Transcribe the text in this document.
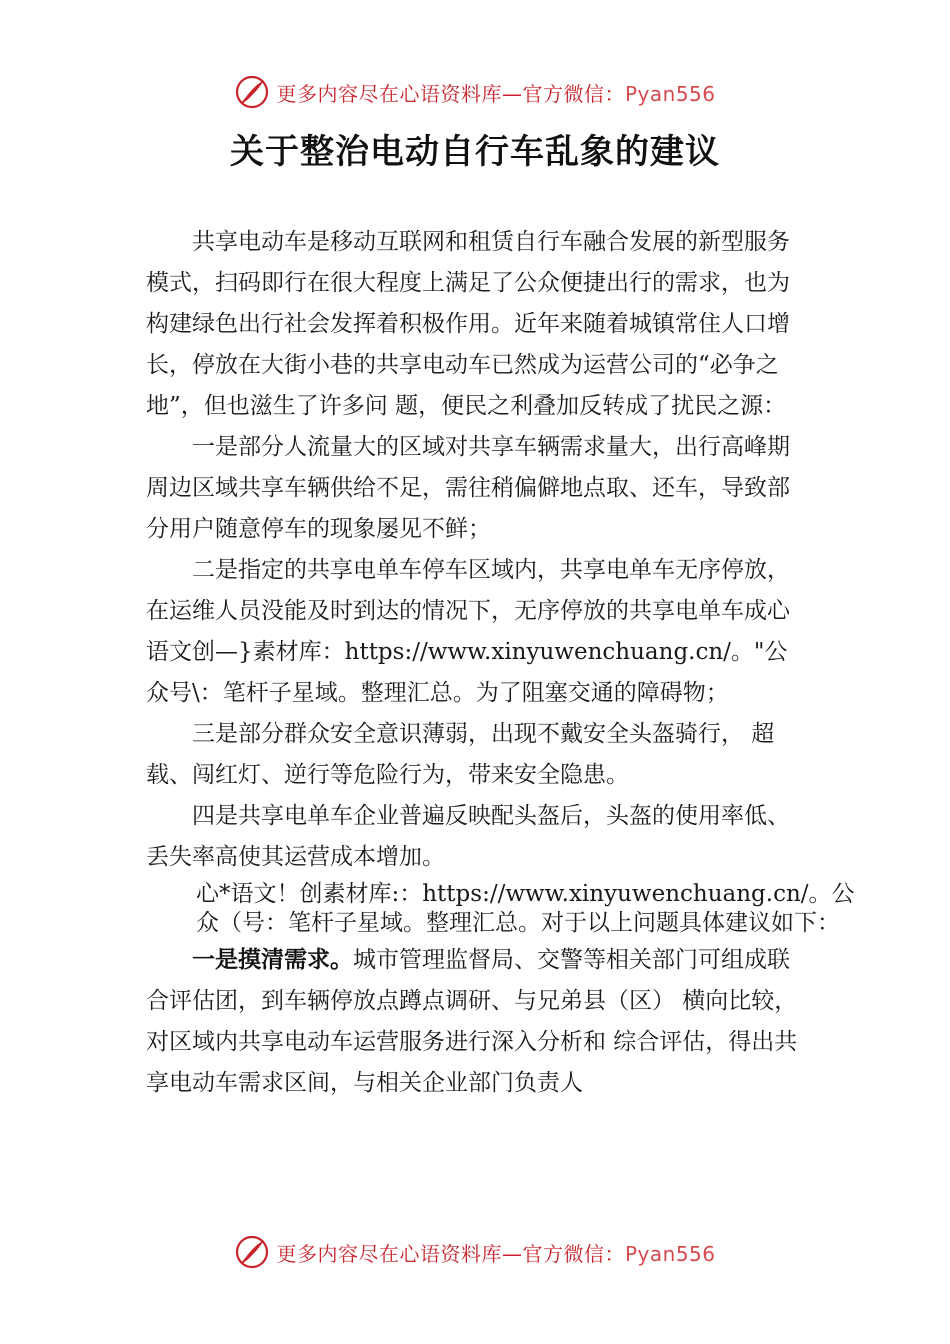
更多内容尽在心语资料库—官方微信：Pyan556
关于整治电动自行车乱象的建议

共享电动车是移动互联网和租赁自行车融合发展的新型服务模式，扫码即行在很大程度上满足了公众便捷出行的需求，也为构建绿色出行社会发挥着积极作用。近年来随着城镇常住人口增长，停放在大街小巷的共享电动车已然成为运营公司的“必争之地”，但也滋生了许多问 题，便民之利叠加反转成了扰民之源：

一是部分人流量大的区域对共享车辆需求量大，出行高峰期周边区域共享车辆供给不足，需往稍偏僻地点取、还车，导致部分用户随意停车的现象屡见不鲜；

二是指定的共享电单车停车区域内，共享电单车无序停放，在运维人员没能及时到达的情况下，无序停放的共享电单车成心语文创—}素材库：https://www.xinyuwenchuang.cn/。"公众号\：笔杆子星域。整理汇总。为了阻塞交通的障碍物；

三是部分群众安全意识薄弱，出现不戴安全头盔骑行， 超载、闯红灯、逆行等危险行为，带来安全隐患。

四是共享电单车企业普遍反映配头盔后，头盔的使用率低、丢失率高使其运营成本增加。

心*语文！创素材库:：https://www.xinyuwenchuang.cn/。公众（号：笔杆子星域。整理汇总。对于以上问题具体建议如下：

一是摸清需求。城市管理监督局、交警等相关部门可组成联合评估团，到车辆停放点蹲点调研、与兄弟县（区） 横向比较，对区域内共享电动车运营服务进行深入分析和 综合评估，得出共享电动车需求区间，与相关企业部门负责人

更多内容尽在心语资料库—官方微信：Pyan556
